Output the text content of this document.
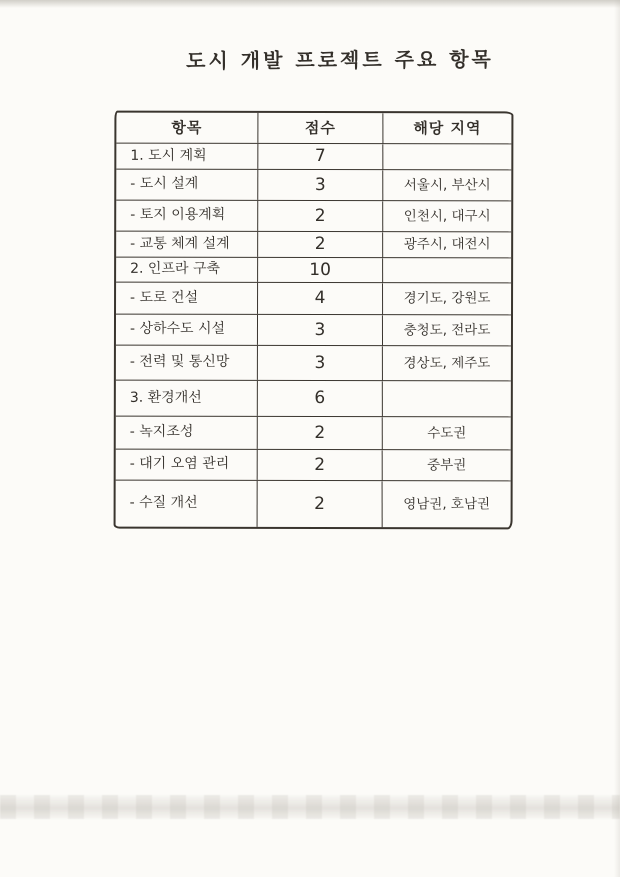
도시 개발 프로젝트 주요 항목
항목	점수	해당 지역
1. 도시 계획	7
- 도시 설계	3	서울시, 부산시
- 토지 이용계획	2	인천시, 대구시
- 교통 체계 설계	2	광주시, 대전시
2. 인프라 구축	10
- 도로 건설	4	경기도, 강원도
- 상하수도 시설	3	충청도, 전라도
- 전력 및 통신망	3	경상도, 제주도
3. 환경개선	6
- 녹지조성	2	수도권
- 대기 오염 관리	2	중부권
- 수질 개선	2	영남권, 호남권
